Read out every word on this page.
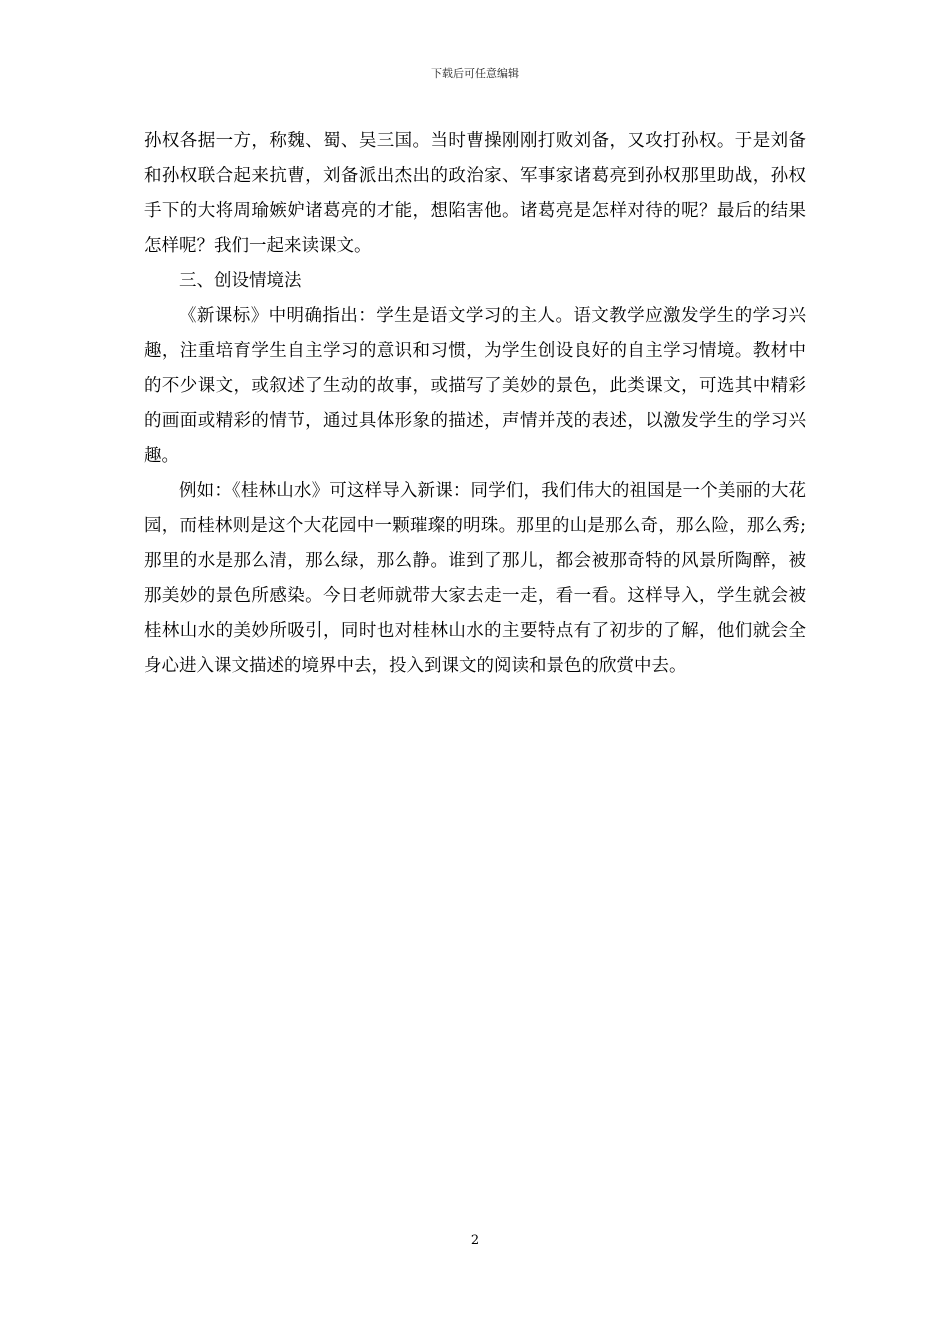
下载后可任意编辑

孙权各据一方，称魏、蜀、吴三国。当时曹操刚刚打败刘备，又攻打孙权。于是刘备和孙权联合起来抗曹，刘备派出杰出的政治家、军事家诸葛亮到孙权那里助战，孙权手下的大将周瑜嫉妒诸葛亮的才能，想陷害他。诸葛亮是怎样对待的呢？最后的结果怎样呢？我们一起来读课文。

三、创设情境法

《新课标》中明确指出：学生是语文学习的主人。语文教学应激发学生的学习兴趣，注重培育学生自主学习的意识和习惯，为学生创设良好的自主学习情境。教材中的不少课文，或叙述了生动的故事，或描写了美妙的景色，此类课文，可选其中精彩的画面或精彩的情节，通过具体形象的描述，声情并茂的表述，以激发学生的学习兴趣。

例如：《桂林山水》可这样导入新课：同学们，我们伟大的祖国是一个美丽的大花园，而桂林则是这个大花园中一颗璀璨的明珠。那里的山是那么奇，那么险，那么秀;那里的水是那么清，那么绿，那么静。谁到了那儿，都会被那奇特的风景所陶醉，被那美妙的景色所感染。今日老师就带大家去走一走，看一看。这样导入，学生就会被桂林山水的美妙所吸引，同时也对桂林山水的主要特点有了初步的了解，他们就会全身心进入课文描述的境界中去，投入到课文的阅读和景色的欣赏中去。

2
